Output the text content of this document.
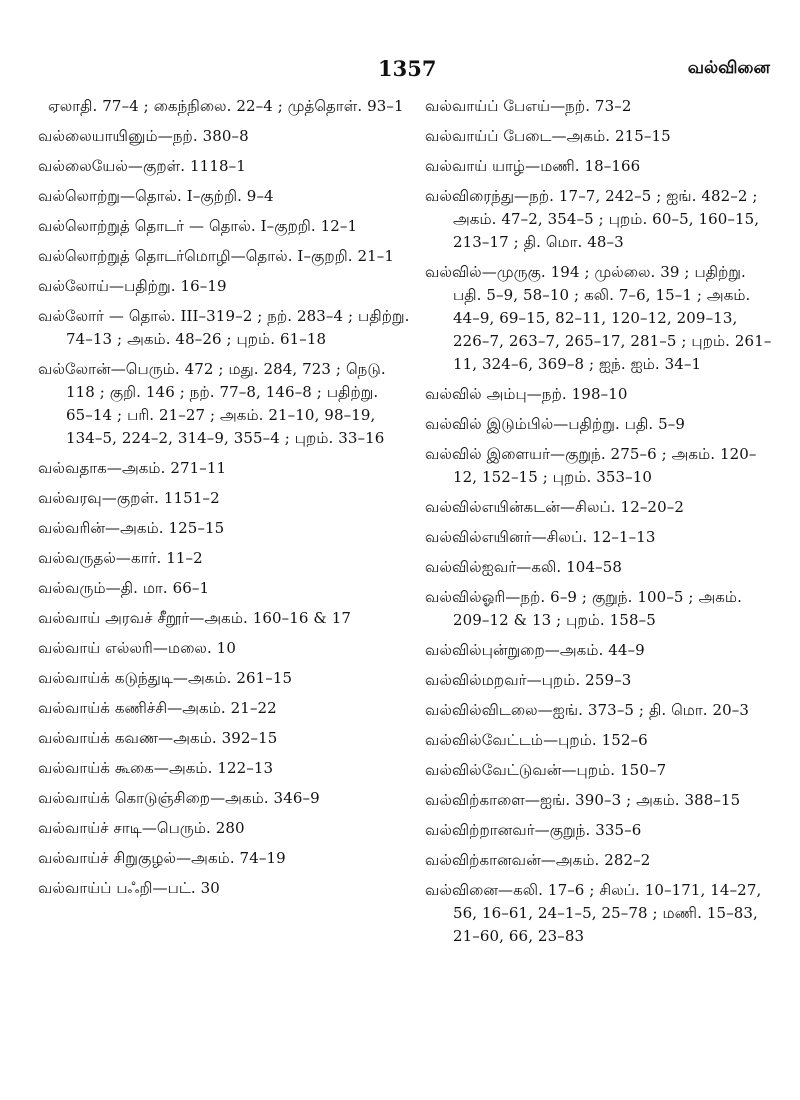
1357	வல்வினை

ஏலாதி. 77–4 ; கைந்நிலை. 22–4 ; முத்தொள். 93–1

வல்லையாயினும்—நற். 380–8

வல்லையேல்—குறள். 1118–1

வல்லொற்று—தொல். I–குற்றி. 9–4

வல்லொற்றுத் தொடர் — தொல். I–குறறி. 12–1

வல்லொற்றுத் தொடர்மொழி—தொல். I–குறறி. 21–1

வல்லோய்—பதிற்று. 16–19

வல்லோர் — தொல். III–319–2 ; நற். 283–4 ; பதிற்று. 74–13 ; அகம். 48–26 ; புறம். 61–18

வல்லோன்—பெரும். 472 ; மது. 284, 723 ; நெடு. 118 ; குறி. 146 ; நற். 77–8, 146–8 ; பதிற்று. 65–14 ; பரி. 21–27 ; அகம். 21–10, 98–19, 134–5, 224–2, 314–9, 355–4 ; புறம். 33–16

வல்வதாக—அகம். 271–11

வல்வரவு—குறள். 1151–2

வல்வரின்—அகம். 125–15

வல்வருதல்—கார். 11–2

வல்வரும்—தி. மா. 66–1

வல்வாய் அரவச் சீறூர்—அகம். 160–16 & 17

வல்வாய் எல்லரி—மலை. 10

வல்வாய்க் கடுந்துடி—அகம். 261–15

வல்வாய்க் கணிச்சி—அகம். 21–22

வல்வாய்க் கவண—அகம். 392–15

வல்வாய்க் கூகை—அகம். 122–13

வல்வாய்க் கொடுஞ்சிறை—அகம். 346–9

வல்வாய்ச் சாடி—பெரும். 280

வல்வாய்ச் சிறுகுழல்—அகம். 74–19

வல்வாய்ப் பஃறி—பட். 30

வல்வாய்ப் பேஎய்—நற். 73–2

வல்வாய்ப் பேடை—அகம். 215–15

வல்வாய் யாழ்—மணி. 18–166

வல்விரைந்து—நற். 17–7, 242–5 ; ஐங். 482–2 ; அகம். 47–2, 354–5 ; புறம். 60–5, 160–15, 213–17 ; தி. மொ. 48–3

வல்வில்—முருகு. 194 ; முல்லை. 39 ; பதிற்று. பதி. 5–9, 58–10 ; கலி. 7–6, 15–1 ; அகம். 44–9, 69–15, 82–11, 120–12, 209–13, 226–7, 263–7, 265–17, 281–5 ; புறம். 261–11, 324–6, 369–8 ; ஐந். ஐம். 34–1

வல்வில் அம்பு—நற். 198–10

வல்வில் இடும்பில்—பதிற்று. பதி. 5–9

வல்வில் இளையர்—குறுந். 275–6 ; அகம். 120–12, 152–15 ; புறம். 353–10

வல்வில்எயின்கடன்—சிலப். 12–20–2

வல்வில்எயினர்—சிலப். 12–1–13

வல்வில்ஐவர்—கலி. 104–58

வல்வில்ஓரி—நற். 6–9 ; குறுந். 100–5 ; அகம். 209–12 & 13 ; புறம். 158–5

வல்வில்புன்றுறை—அகம். 44–9

வல்வில்மறவர்—புறம். 259–3

வல்வில்விடலை—ஐங். 373–5 ; தி. மொ. 20–3

வல்வில்வேட்டம்—புறம். 152–6

வல்வில்வேட்டுவன்—புறம். 150–7

வல்விற்காளை—ஐங். 390–3 ; அகம். 388–15

வல்விற்றானவர்—குறுந். 335–6

வல்விற்கானவன்—அகம். 282–2

வல்வினை—கலி. 17–6 ; சிலப். 10–171, 14–27, 56, 16–61, 24–1–5, 25–78 ; மணி. 15–83, 21–60, 66, 23–83
